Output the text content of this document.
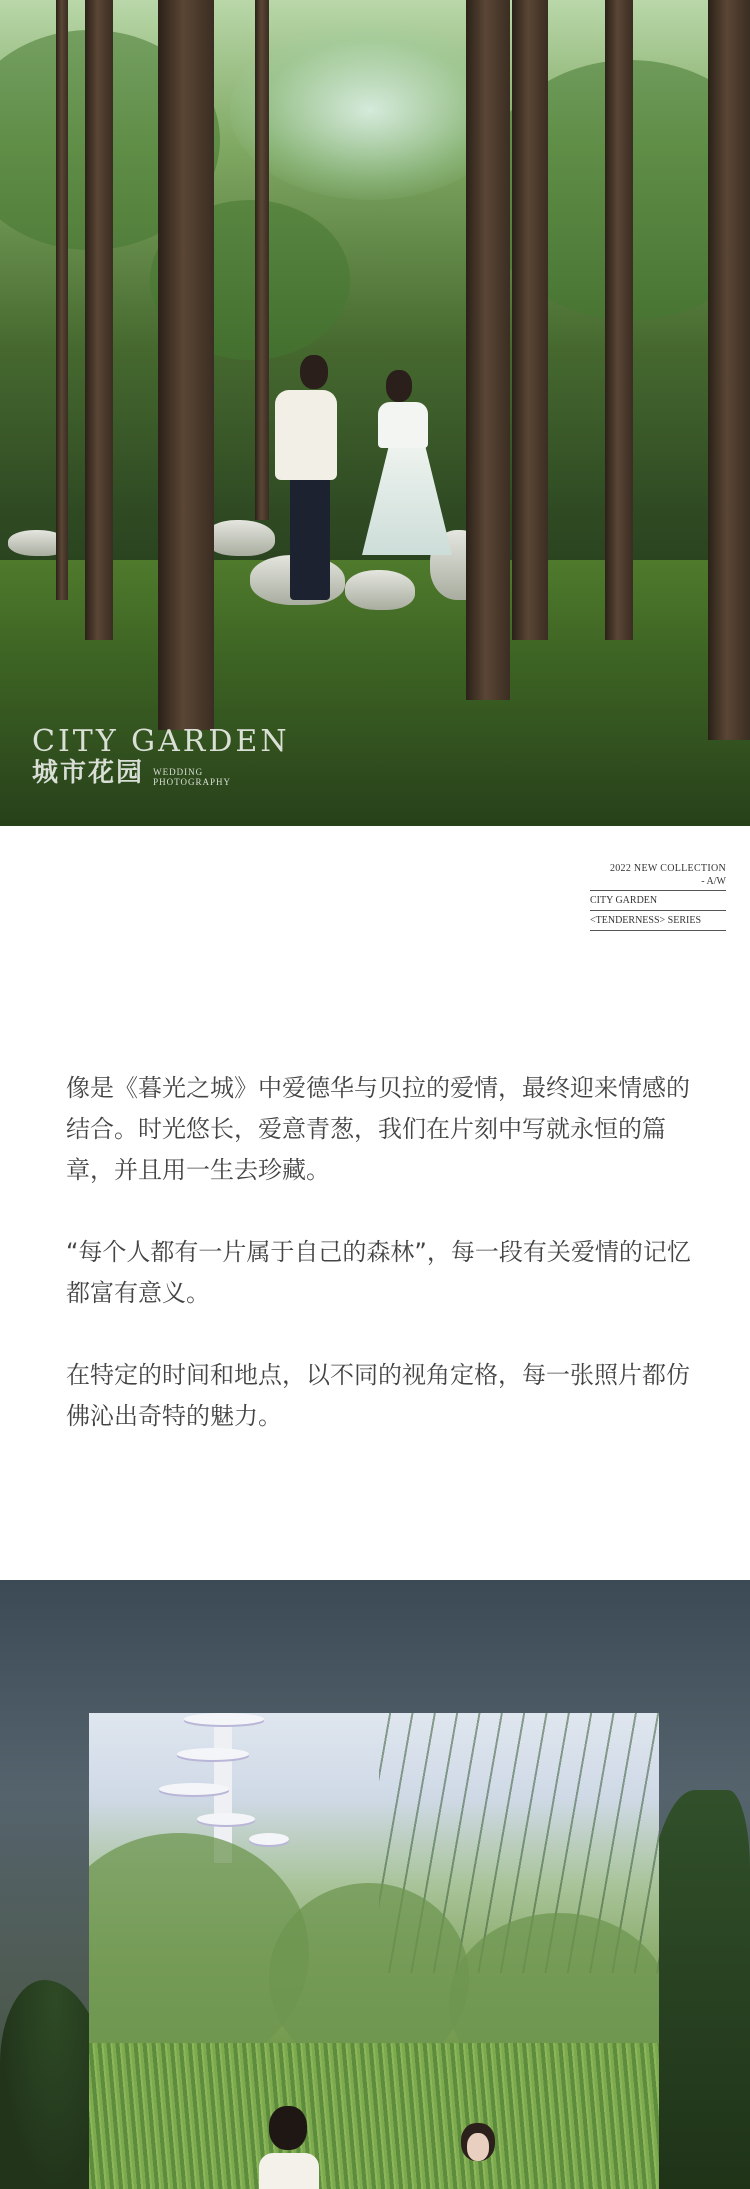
CITY GARDEN
城市花园 WEDDING
PHOTOGRAPHY
2022 NEW COLLECTION
- A/W
CITY GARDEN
<TENDERNESS> SERIES

像是《暮光之城》中爱德华与贝拉的爱情，最终迎来情感的结合。时光悠长，爱意青葱，我们在片刻中写就永恒的篇章，并且用一生去珍藏。

“每个人都有一片属于自己的森林”，每一段有关爱情的记忆都富有意义。

在特定的时间和地点，以不同的视角定格，每一张照片都仿佛沁出奇特的魅力。
